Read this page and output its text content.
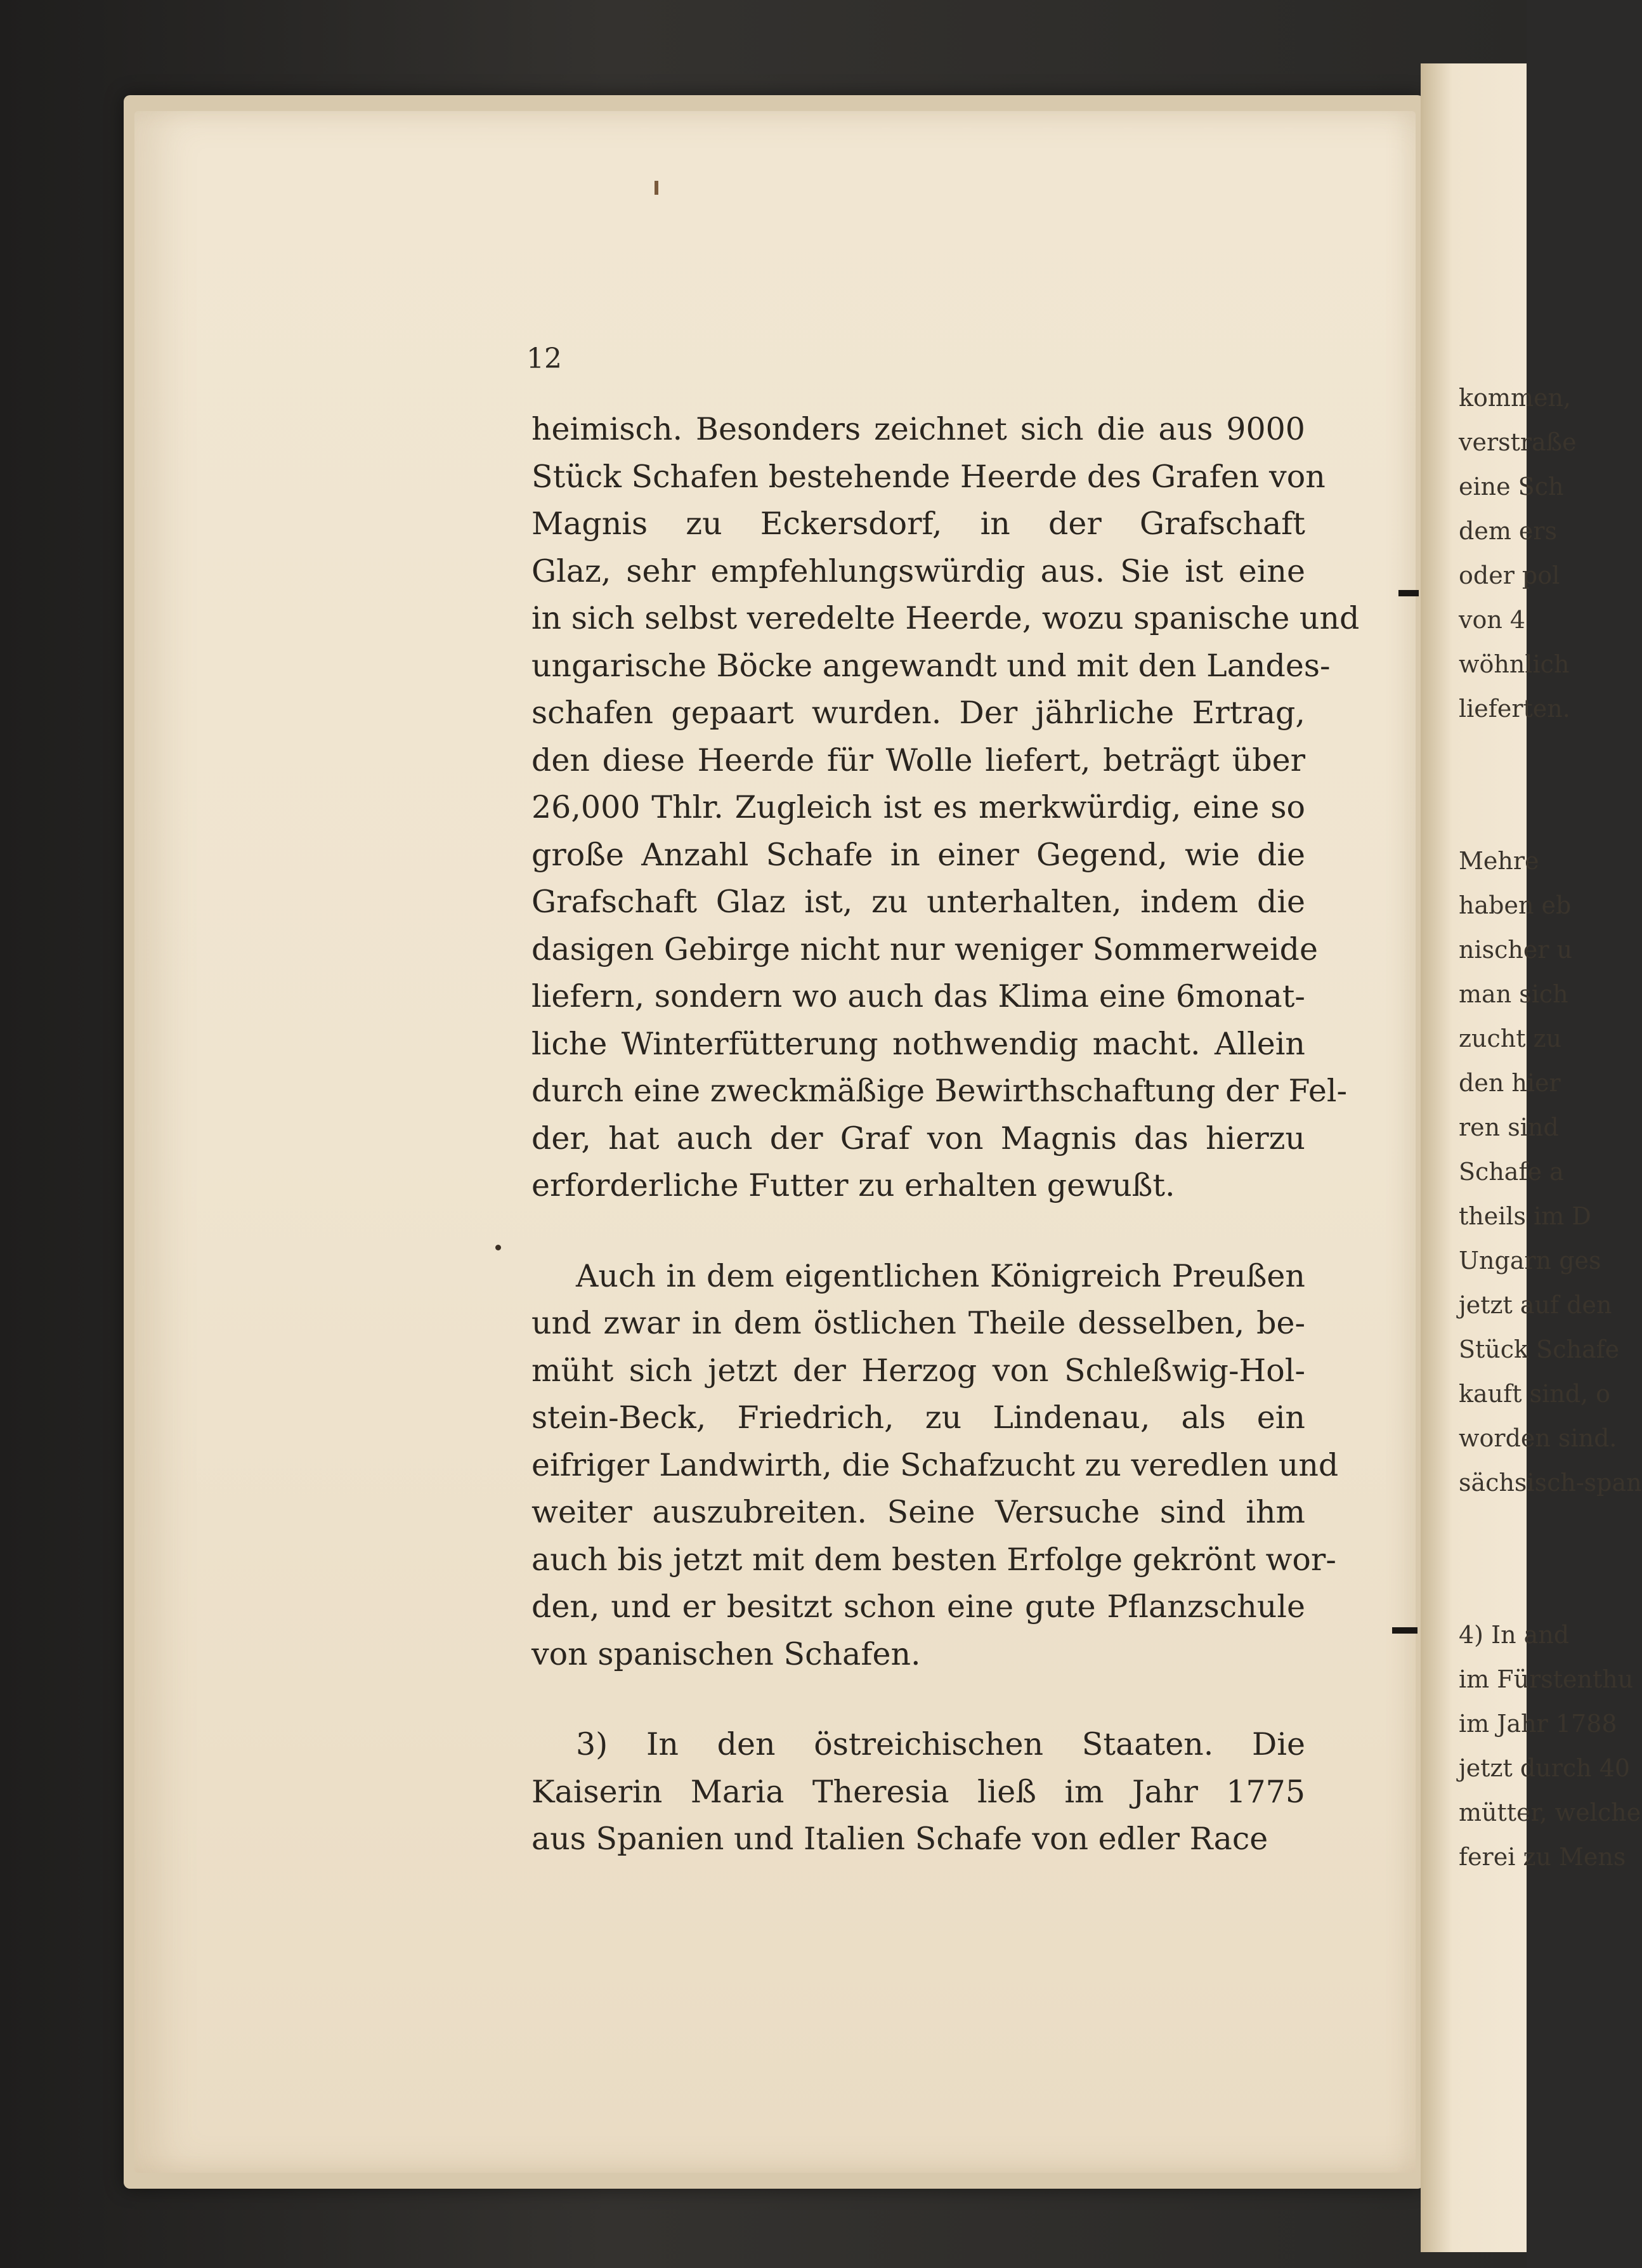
kommen,
verstraße
eine Sch
dem ers
oder pol
von 4
wöhnlich
lieferten.
Mehre
haben eb
nischer u
man sich
zucht zu
den hier
ren sind
Schafe a
theils im D
Ungarn ges
jetzt auf den
Stück Schafe
kauft sind, o
worden sind.
sächsisch-span
4) In and
im Fürstenthu
im Jahr 1788
jetzt durch 40
mütter, welche
ferei zu Mens
12

heimisch. Besonders zeichnet sich die aus 9000
Stück Schafen bestehende Heerde des Grafen von
Magnis zu Eckersdorf, in der Grafschaft
Glaz, sehr empfehlungswürdig aus. Sie ist eine
in sich selbst veredelte Heerde, wozu spanische und
ungarische Böcke angewandt und mit den Landes-
schafen gepaart wurden. Der jährliche Ertrag,
den diese Heerde für Wolle liefert, beträgt über
26,000 Thlr. Zugleich ist es merkwürdig, eine so
große Anzahl Schafe in einer Gegend, wie die
Grafschaft Glaz ist, zu unterhalten, indem die
dasigen Gebirge nicht nur weniger Sommerweide
liefern, sondern wo auch das Klima eine 6monat-
liche Winterfütterung nothwendig macht. Allein
durch eine zweckmäßige Bewirthschaftung der Fel-
der, hat auch der Graf von Magnis das hierzu
erforderliche Futter zu erhalten gewußt.

Auch in dem eigentlichen Königreich Preußen
und zwar in dem östlichen Theile desselben, be-
müht sich jetzt der Herzog von Schleßwig-Hol-
stein-Beck, Friedrich, zu Lindenau, als ein
eifriger Landwirth, die Schafzucht zu veredlen und
weiter auszubreiten. Seine Versuche sind ihm
auch bis jetzt mit dem besten Erfolge gekrönt wor-
den, und er besitzt schon eine gute Pflanzschule
von spanischen Schafen.

3) In den östreichischen Staaten. Die
Kaiserin Maria Theresia ließ im Jahr 1775
aus Spanien und Italien Schafe von edler Race
